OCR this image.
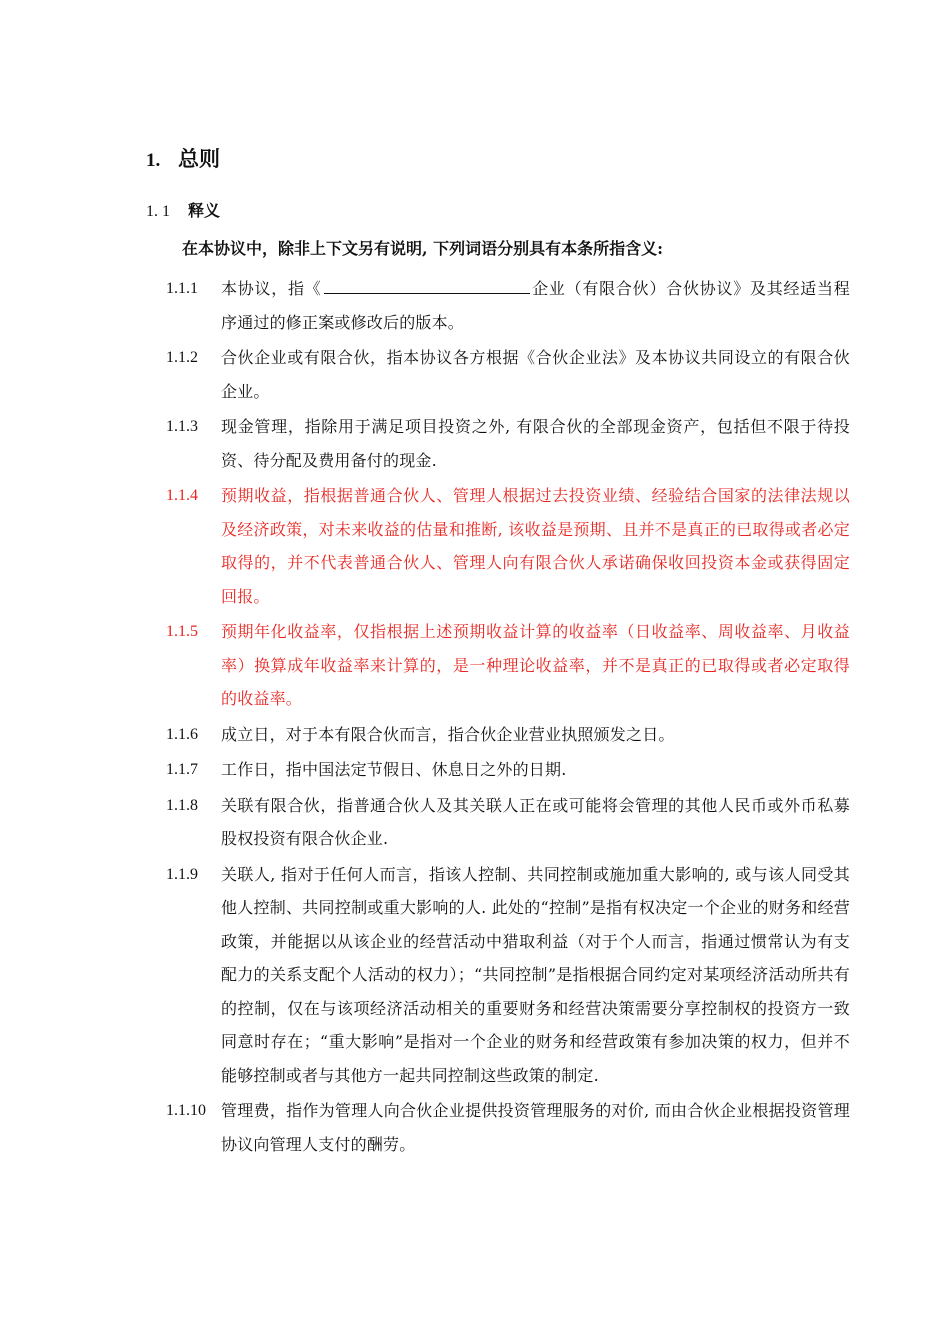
1. 总则
1. 1 释义
在本协议中，除非上下文另有说明, 下列词语分别具有本条所指含义:
1.1.1	本协议，指《	企业（有限合伙）合伙协议》及其经适当程序通过的修正案或修改后的版本。
1.1.2	合伙企业或有限合伙，指本协议各方根据《合伙企业法》及本协议共同设立的有限合伙企业。
1.1.3	现金管理，指除用于满足项目投资之外, 有限合伙的全部现金资产，包括但不限于待投资、待分配及费用备付的现金.
1.1.4	预期收益，指根据普通合伙人、管理人根据过去投资业绩、经验结合国家的法律法规以及经济政策，对未来收益的估量和推断, 该收益是预期、且并不是真正的已取得或者必定取得的，并不代表普通合伙人、管理人向有限合伙人承诺确保收回投资本金或获得固定回报。
1.1.5	预期年化收益率，仅指根据上述预期收益计算的收益率（日收益率、周收益率、月收益率）换算成年收益率来计算的，是一种理论收益率，并不是真正的已取得或者必定取得的收益率。
1.1.6	成立日，对于本有限合伙而言，指合伙企业营业执照颁发之日。
1.1.7	工作日，指中国法定节假日、休息日之外的日期.
1.1.8	关联有限合伙，指普通合伙人及其关联人正在或可能将会管理的其他人民币或外币私募股权投资有限合伙企业.
1.1.9	关联人, 指对于任何人而言，指该人控制、共同控制或施加重大影响的, 或与该人同受其他人控制、共同控制或重大影响的人. 此处的“控制”是指有权决定一个企业的财务和经营政策，并能据以从该企业的经营活动中猎取利益（对于个人而言，指通过惯常认为有支配力的关系支配个人活动的权力）；“共同控制”是指根据合同约定对某项经济活动所共有的控制，仅在与该项经济活动相关的重要财务和经营决策需要分享控制权的投资方一致同意时存在；“重大影响”是指对一个企业的财务和经营政策有参加决策的权力，但并不能够控制或者与其他方一起共同控制这些政策的制定.
1.1.10 管理费，指作为管理人向合伙企业提供投资管理服务的对价, 而由合伙企业根据投资管理协议向管理人支付的酬劳。
